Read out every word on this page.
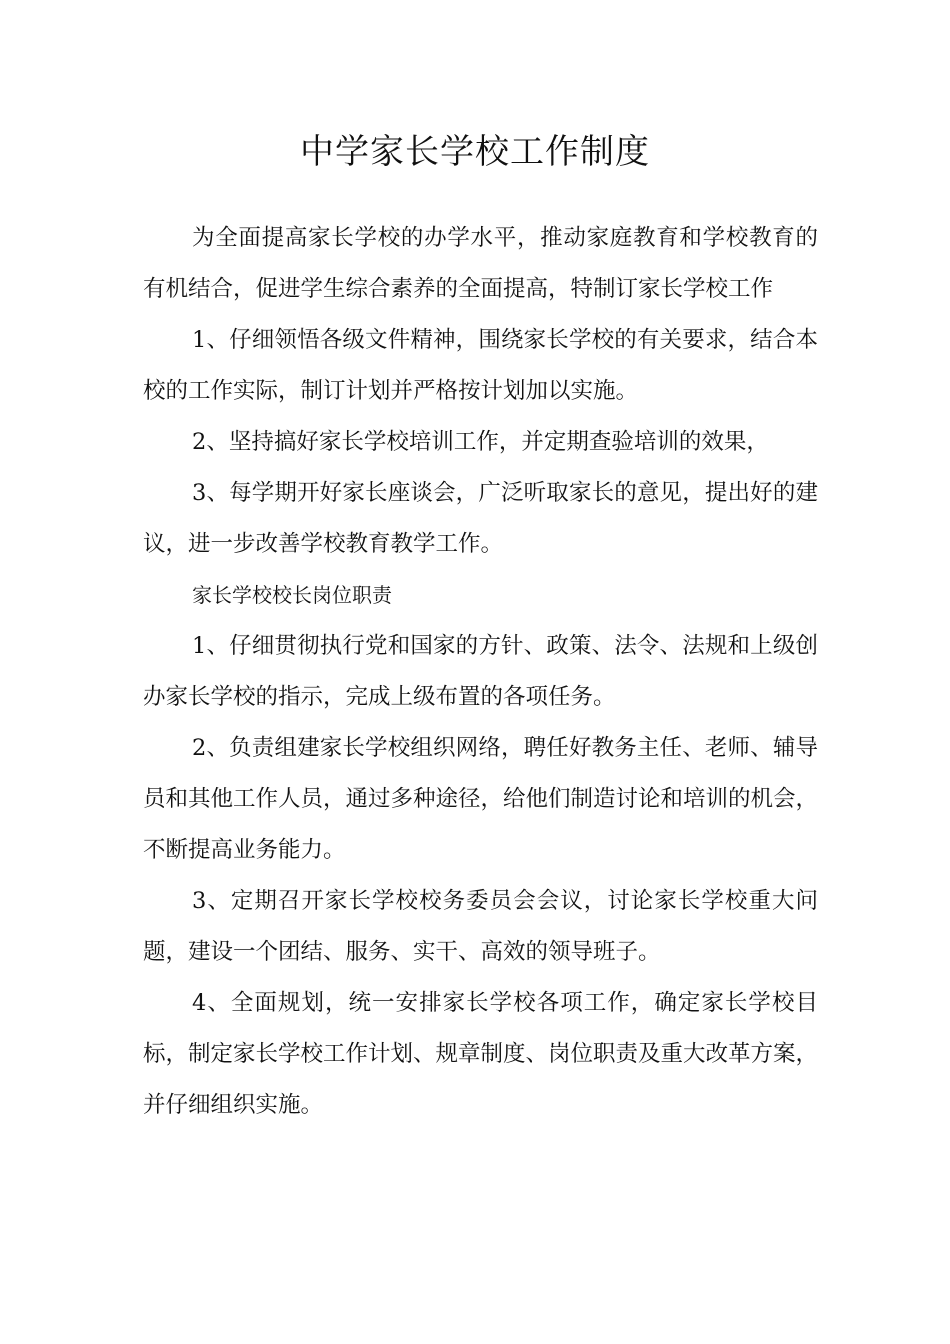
中学家长学校工作制度

为全面提高家长学校的办学水平，推动家庭教育和学校教育的有机结合，促进学生综合素养的全面提高，特制订家长学校工作

1、仔细领悟各级文件精神，围绕家长学校的有关要求，结合本校的工作实际，制订计划并严格按计划加以实施。

2、坚持搞好家长学校培训工作，并定期查验培训的效果，

3、每学期开好家长座谈会，广泛听取家长的意见，提出好的建议，进一步改善学校教育教学工作。

家长学校校长岗位职责

1、仔细贯彻执行党和国家的方针、政策、法令、法规和上级创办家长学校的指示，完成上级布置的各项任务。

2、负责组建家长学校组织网络，聘任好教务主任、老师、辅导员和其他工作人员，通过多种途径，给他们制造讨论和培训的机会，不断提高业务能力。

3、定期召开家长学校校务委员会会议，讨论家长学校重大问题，建设一个团结、服务、实干、高效的领导班子。

4、全面规划，统一安排家长学校各项工作，确定家长学校目标，制定家长学校工作计划、规章制度、岗位职责及重大改革方案，并仔细组织实施。
